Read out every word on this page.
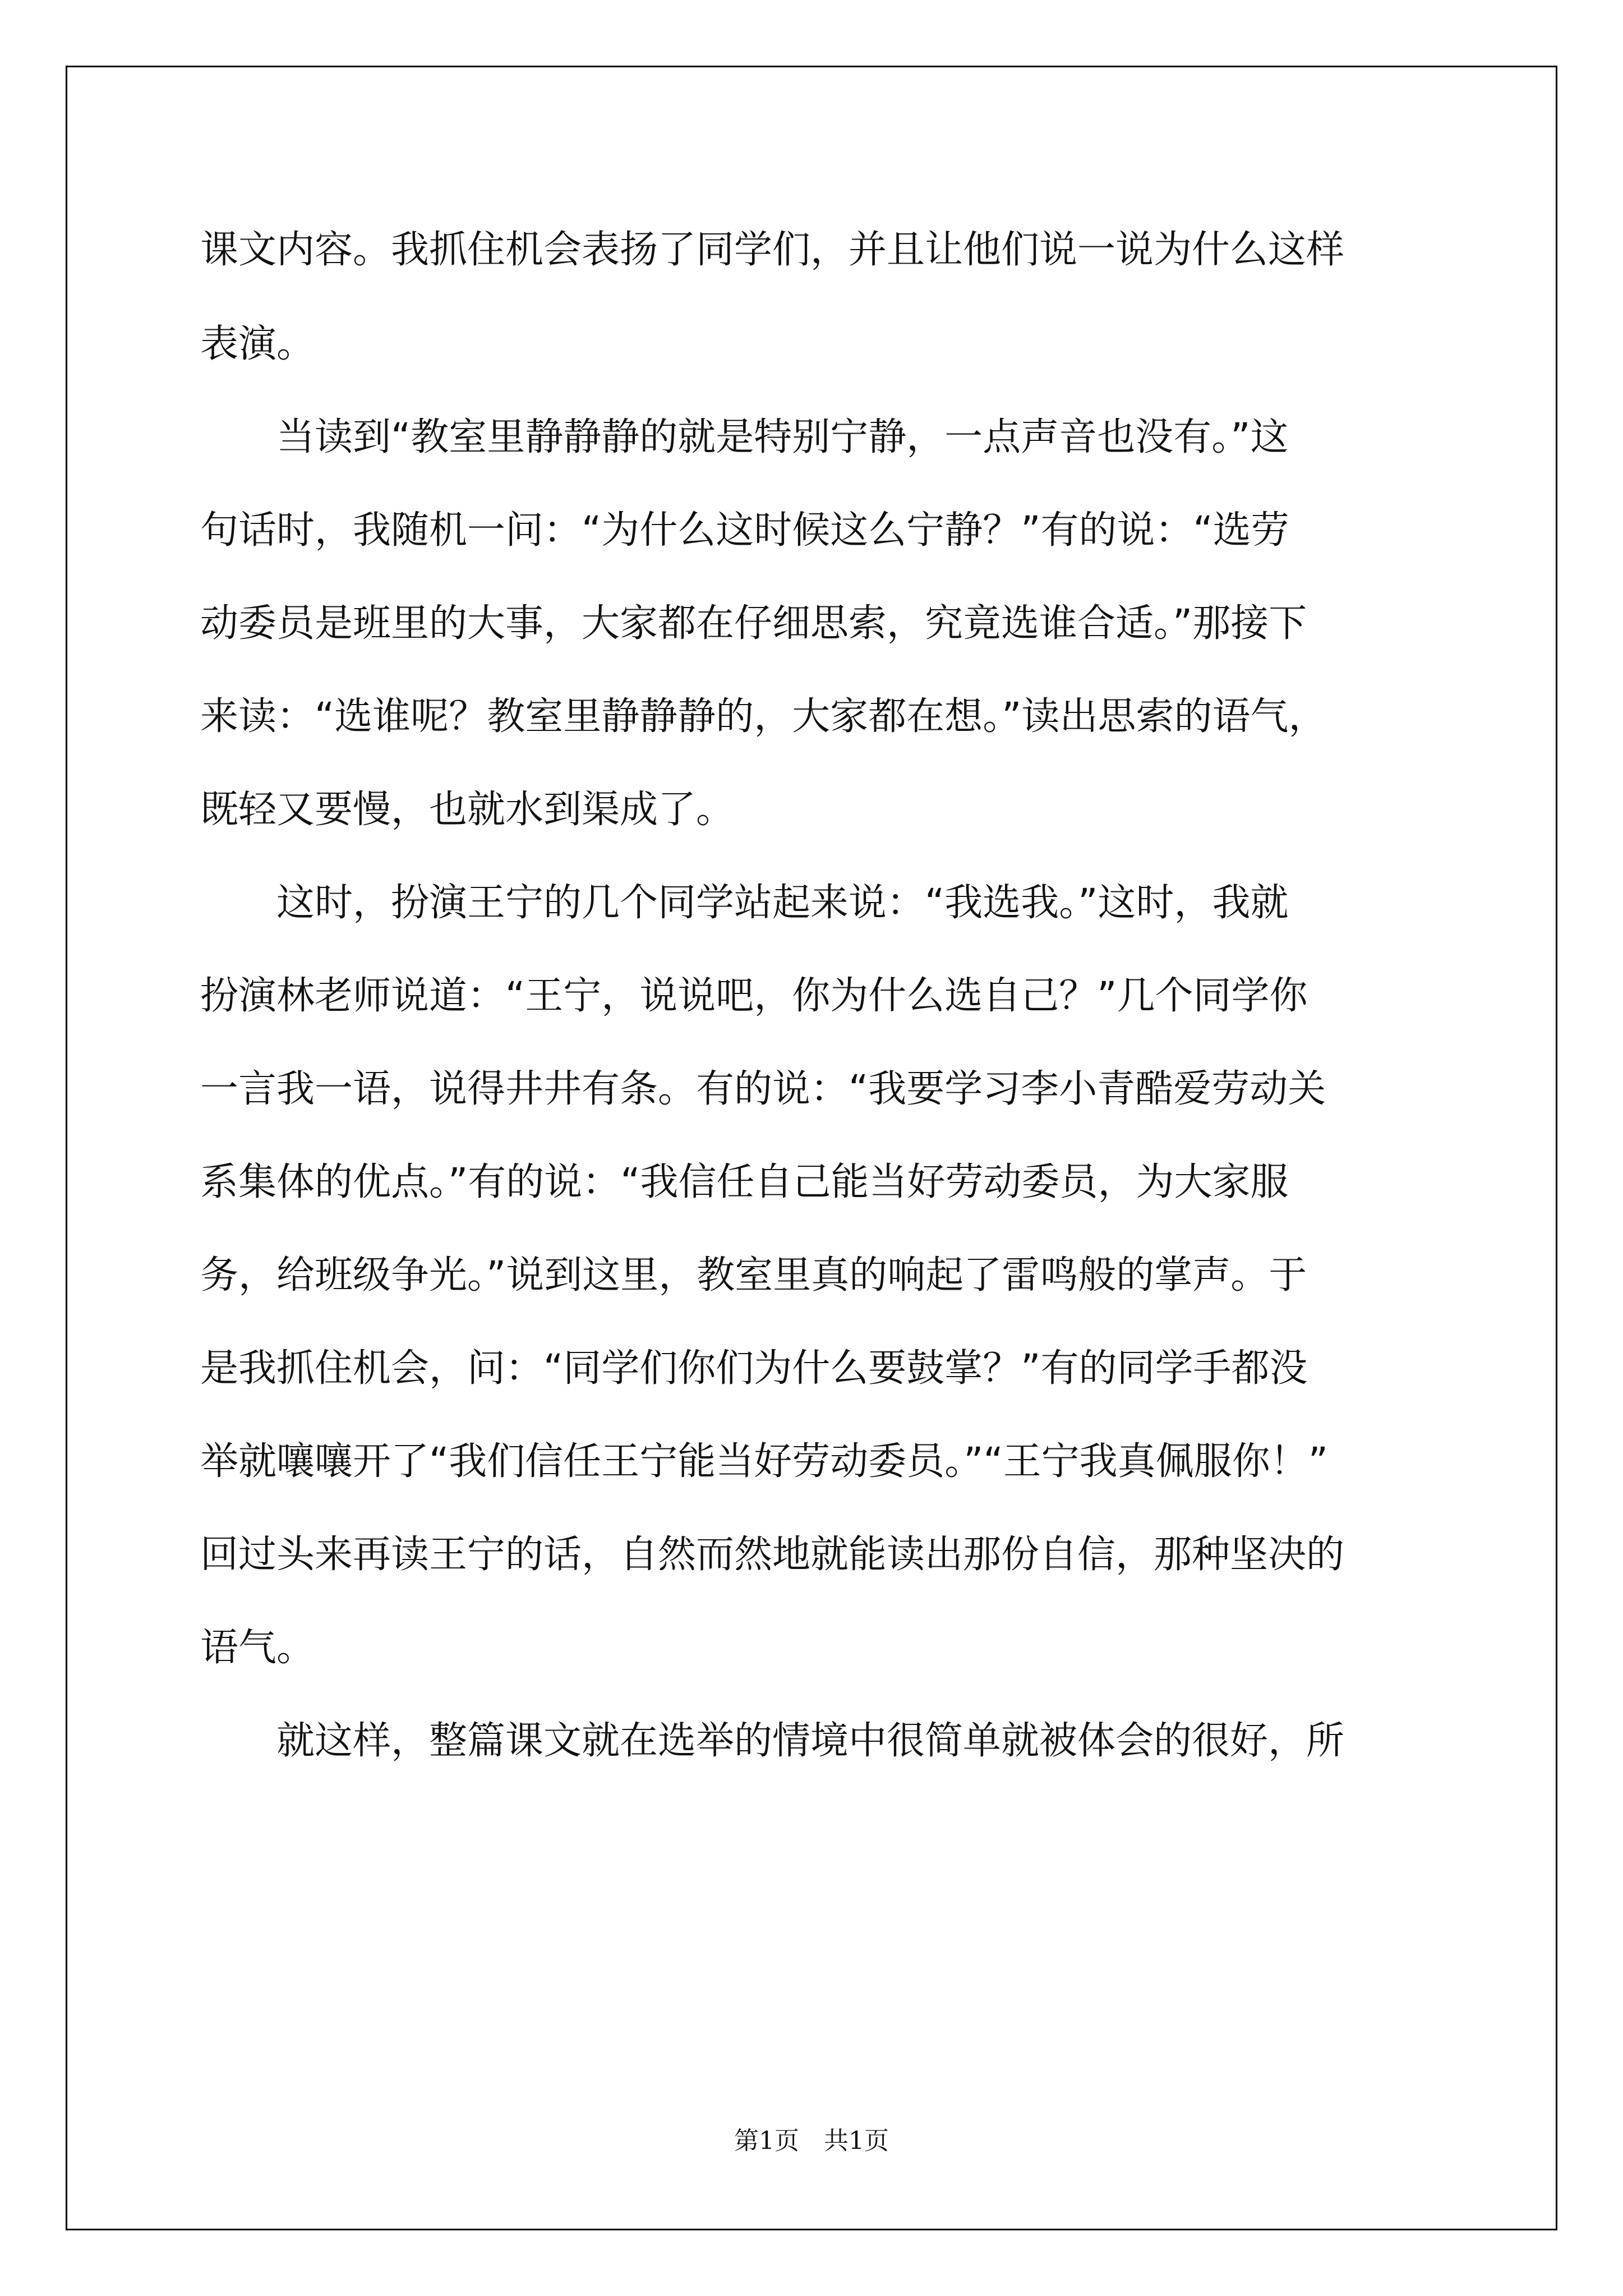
课文内容。我抓住机会表扬了同学们，并且让他们说一说为什么这样
表演。
　　当读到“教室里静静静的就是特别宁静，一点声音也没有。”这
句话时，我随机一问：“为什么这时候这么宁静？”有的说：“选劳
动委员是班里的大事，大家都在仔细思索，究竟选谁合适。”那接下
来读：“选谁呢？教室里静静静的，大家都在想。”读出思索的语气，
既轻又要慢，也就水到渠成了。
　　这时，扮演王宁的几个同学站起来说：“我选我。”这时，我就
扮演林老师说道：“王宁，说说吧，你为什么选自己？”几个同学你
一言我一语，说得井井有条。有的说：“我要学习李小青酷爱劳动关
系集体的优点。”有的说：“我信任自己能当好劳动委员，为大家服
务，给班级争光。”说到这里，教室里真的响起了雷鸣般的掌声。于
是我抓住机会，问：“同学们你们为什么要鼓掌？”有的同学手都没
举就嚷嚷开了“我们信任王宁能当好劳动委员。”“王宁我真佩服你！”
回过头来再读王宁的话，自然而然地就能读出那份自信，那种坚决的
语气。
　　就这样，整篇课文就在选举的情境中很简单就被体会的很好，所
第1页　共1页
